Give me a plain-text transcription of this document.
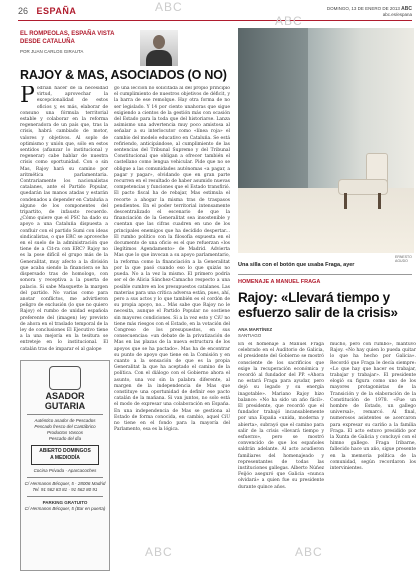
26 ESPAÑA	DOMINGO, 13 DE ENERO DE 2013 ABC
abc.es/espana
ABC
ABC
EL ROMPEOLAS, ESPAÑA VISTA
DESDE CATALUÑA
POR JUAN CARLOS GIRAUTA
RAJOY & MAS, ASOCIADOS (O NO)
Podrían hacer de la necesidad virtud, aprovechar la excepcionalidad de estos oficios y, es más, elaborar de consuno una fórmula territorial estable y colaborar en la reforma regeneradora de un país que, tras la crisis, habrá cambiado de motor, valores y objetivos. Al soplo de optimismo y unión que, sólo en estos sentidos (afianzar lo institucional y regenerar) cabe hablar de nuestra crisis como oportunidad. Con o sin Mas, Rajoy hará su camino por aritmética parlamentaria. Contrariamente los nacionalistas catalanes, ante el Partido Popular, quedarán las manos atadas y estarán condenados a depender en Cataluña a alguno de los componentes del tripartito, de infausto recuerdo. ¿Cómo quiere que el PSC ha dado su apoyo a una Cataluña dispuesta a confluir con el partido Sumi con ideas sindicalistas, o que ERC se aproveche en el suelo de la administración que tiene de a Cit-ra con ERC? Rajoy no es la pose difícil el grupo más de la Generalitat, muy afecto a la división que acaba siendo la financiera se ha dispersado tras de homologo, con sonora y receptiva a la puerta de palacio. Si sabe Masquette la margen del partido. No varias como para anotar conflictos, me advirtieron peligro de exclusión (lo que no quiero Rajoy) el rumbo de unidad española preferente del (imagen) ley previsto de ahora en el traslado temporal de la ley de conclusiones El Ejecutivo tiene a la una mejoría en la tesitura se entreteje en lo institucional. El catalán tras de imparar el al galope
go una lección no solicitada al del propio principio el cumplimiento de nuestros objetivos de déficit, y la barra de ese remolque. Hay otra forma de no ser legislado. Y 14 por ciento unahoras que sigue exigiendo a cientos de la gestión más con ocasión del Estado para la toda que del historiarse. Lanza asimismo una advertencia muy poco amistosa al señalar a su interlocutor como «línea roja» el cambio del modelo educativo en Cataluña. Se está refiriendo, anticipándose, al cumplimiento de las sentencias del Tribunal Supremo y del Tribunal Constitucional que obligan a ofrecer también el castellano como lengua vehicular. Pide que no se obligue a las comunidades autónomas «a pagar, a pagar y pagar», olvidando que en gran parte recurren en el resultado de haber asumido nuevas competencias y funciones que el Estado transfirió. El pacto fiscal ha de rebajar, Mas estimula el recorte a ahogar la misma tras de traspasos pendientes. En el poder territorial intensamente descentralizado el escenario de que la financiación de la Generalitat sea insostenible y cuentan que las cifras cuadren en uno de los principales enemigos que ha decidido despertar... El rumbo político con la filosofía expuesta en el documento de una oficio es el que refuerzan «los ilegítimos Agendamento» de Madrid. Advierta Mas que lo que invocan a su apoyo parlamentario, la reforma como la financiación a la Generalitat por la que pasó cuando eso lo que quizás no pueda. No a la vez la mismo. El primero podría ser el de Alicia Sánchez-Camacho respecto a una posible cumbre en los presupuestos catalanes. Las materias para una crítica adversa están, pues, ahí, pero a sus actos y lo que también es el cordón de su propia apoyo, no... Más sabe que Rajoy no le necesita, aunque el Partido Popular no sostiene sin mayores condiciones. Si a la vez esto y CiU no tiene más riesgos con el Estado, en la votación del Congreso de los presupuestos, en sus consecuencias: «un debate de la privatización de Mas en las plazas de la nueva estructura de los apoyos que se ha pactado». Mas ha de encontrar su punto de apoyo que tiene en la Comisión y en cuanto a la sensación de que es la propia Generalitat la que ha aceptado el camino de la política. Con el diálogo con el Gobierno ahora el asunto, una voz sin la palabra diferente, al margen de la independencia de Mas que constituye una oportunidad de definir ese pacto catalán de la mañana. Si van juntos, no solo está el modo de expresar una colaboración en España. En una independencia de Mas se gestiona al Estado de forma conocida, en cambio, aquel CiU no tiene en el fondo para la mayoría del Parlamento, esa es la lógica.
ASADOR
GUTARIA
Auténtico asador de Pescados
Pescado fresco del Cantábrico
Productos Vascos
Pescado del día
ABIERTO DOMINGOS
A MEDIODÍA
Cocina Privada · Aparcacoches
C/ Hermanos Bécquer, 5 · 28006 Madrid
Tel. 91 562 83 81 · 91 562 80 91
PARKING GRATUITO
C/ Hermanos Bécquer, 5 (Bar en puerta)
ERNESTO AGUDO
Una silla con el botón que usaba Fraga, ayer
HOMENAJE A MANUEL FRAGA
Rajoy: «Llevará tiempo y esfuerzo salir de la crisis»
ANA MARTÍNEZ
SANTIAGO
En el homenaje a Manuel Fraga celebrado en el Auditorio de Galicia, el presidente del Gobierno se mostró consciente de los sacrificios que exige la recuperación económica y recordó al fundador del PP. «Ahora no estará Fraga para ayudar, pero dejó su legado y su energía inagotable». Mariano Rajoy hizo balance: «No ha sido un año fácil». El presidente, que recordó que el fundador trabajó incansablemente por una España «unida, moderna y abierta», subrayó que el camino para salir de la crisis «llevará tiempo y esfuerzo», pero se mostró convencido de que los españoles saldrán adelante. Al acto acudieron familiares del homenajeado y representantes de todas las instituciones gallegas. Alberto Núñez Feijóo aseguró que Galicia «nunca olvidará» a quien fue su presidente durante quince años.
mucho, pero con rumbo», mantuvo Rajoy. «No hay quien lo pueda quitar lo que ha hecho por Galicia». Recordó que Fraga le decía siempre: «Lo que hay que hacer es trabajar, trabajar y trabajar». El presidente elogió su figura como uno de los mayores protagonistas de la Transición y de la elaboración de la Constitución de 1978. «Fue un hombre de Estado, un gallego universal», remarcó. Al final, numerosos asistentes se acercaron para expresar su cariño a la familia Fraga. El acto estuvo presidido por la Xunta de Galicia y concluyó con el himno gallego. Fraga Iribarne, fallecido hace un año, sigue presente en la memoria política de la comunidad, según recordaron los intervinientes.
ABC	ABC
